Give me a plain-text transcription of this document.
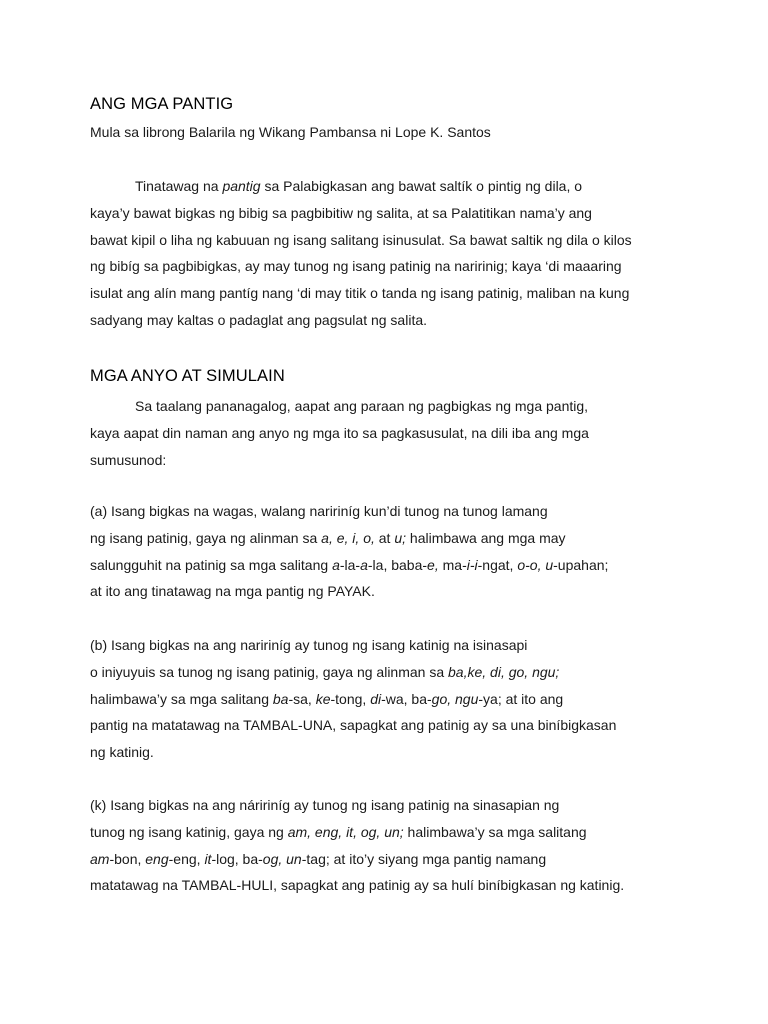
ANG MGA PANTIG

Mula sa librong Balarila ng Wikang Pambansa ni Lope K. Santos

Tinatawag na pantig sa Palabigkasan ang bawat saltík o pintig ng dila, o
kaya’y bawat bigkas ng bibig sa pagbibitiw ng salita, at sa Palatitikan nama’y ang
bawat kipil o liha ng kabuuan ng isang salitang isinusulat. Sa bawat saltik ng dila o kilos
ng bibíg sa pagbibigkas, ay may tunog ng isang patinig na naririnig; kaya ‘di maaaring
isulat ang alín mang pantíg nang ‘di may titik o tanda ng isang patinig, maliban na kung
sadyang may kaltas o padaglat ang pagsulat ng salita.
MGA ANYO AT SIMULAIN
Sa taalang pananagalog, aapat ang paraan ng pagbigkas ng mga pantig,
kaya aapat din naman ang anyo ng mga ito sa pagkasusulat, na dili iba ang mga
sumusunod:
(a) Isang bigkas na wagas, walang naririníg kun’di tunog na tunog lamang
ng isang patinig, gaya ng alinman sa a, e, i, o, at u; halimbawa ang mga may
salungguhit na patinig sa mga salitang a-la-a-la, baba-e, ma-i-i-ngat, o-o, u-upahan;
at ito ang tinatawag na mga pantig ng PAYAK.
(b) Isang bigkas na ang naririníg ay tunog ng isang katinig na isinasapi
o iniyuyuis sa tunog ng isang patinig, gaya ng alinman sa ba,ke, di, go, ngu;
halimbawa’y sa mga salitang ba-sa, ke-tong, di-wa, ba-go, ngu-ya; at ito ang
pantig na matatawag na TAMBAL-UNA, sapagkat ang patinig ay sa una biníbigkasan
ng katinig.
(k) Isang bigkas na ang náririníg ay tunog ng isang patinig na sinasapian ng
tunog ng isang katinig, gaya ng am, eng, it, og, un; halimbawa’y sa mga salitang
am-bon, eng-eng, it-log, ba-og, un-tag; at ito’y siyang mga pantig namang
matatawag na TAMBAL-HULI, sapagkat ang patinig ay sa hulí biníbigkasan ng katinig.
